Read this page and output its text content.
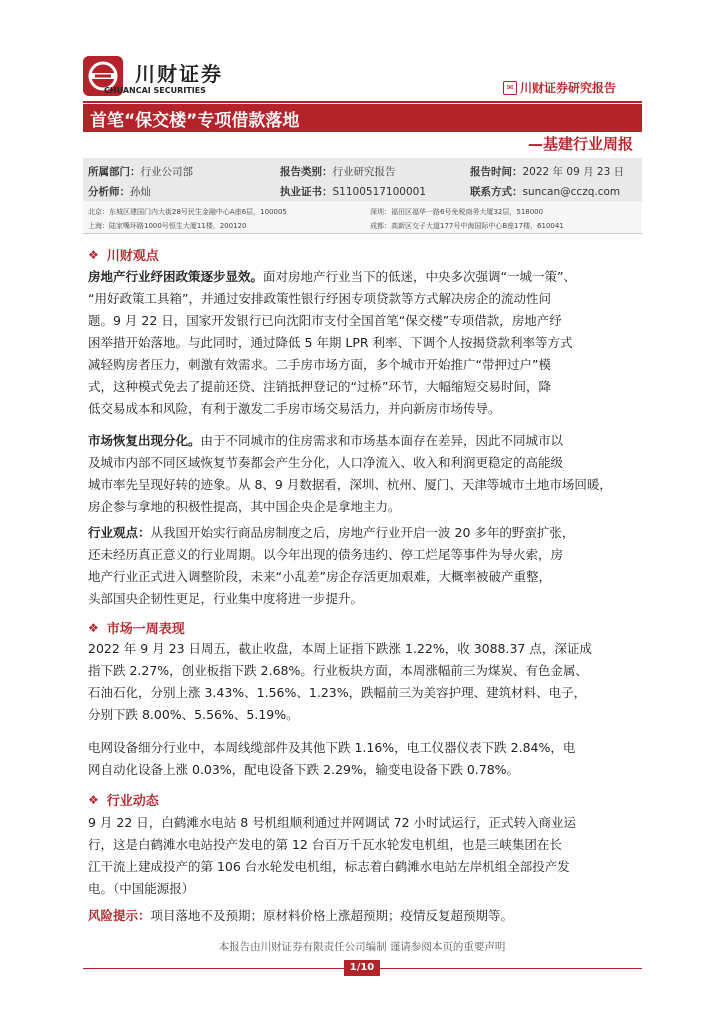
川财证券
CHUANCAI SECURITIES	✉ 川财证券研究报告
首笔“保交楼”专项借款落地
—基建行业周报
所属部门：行业公司部	报告类别：行业研究报告	报告时间：2022 年 09 月 23 日
分析师：孙灿	执业证书：S1100517100001	联系方式：suncan@cczq.com
北京：东城区建国门内大街28号民生金融中心A座6层，100005	深圳：福田区福华一路6号免税商务大厦32层，518000
上海：陆家嘴环路1000号恒生大厦11楼，200120	成都：高新区交子大道177号中海国际中心B座17楼，610041
❖ 川财观点
房地产行业纾困政策逐步显效。面对房地产行业当下的低迷，中央多次强调“一城一策”、
“用好政策工具箱”，并通过安排政策性银行纾困专项贷款等方式解决房企的流动性问
题。9 月 22 日，国家开发银行已向沈阳市支付全国首笔“保交楼”专项借款，房地产纾
困举措开始落地。与此同时，通过降低 5 年期 LPR 利率、下调个人按揭贷款利率等方式
减轻购房者压力，刺激有效需求。二手房市场方面，多个城市开始推广“带押过户”模
式，这种模式免去了提前还贷、注销抵押登记的“过桥”环节，大幅缩短交易时间，降
低交易成本和风险，有利于激发二手房市场交易活力，并向新房市场传导。
市场恢复出现分化。由于不同城市的住房需求和市场基本面存在差异，因此不同城市以
及城市内部不同区域恢复节奏都会产生分化，人口净流入、收入和利润更稳定的高能级
城市率先呈现好转的迹象。从 8、9 月数据看，深圳、杭州、厦门、天津等城市土地市场回暖，
房企参与拿地的积极性提高，其中国企央企是拿地主力。
行业观点：从我国开始实行商品房制度之后，房地产行业开启一波 20 多年的野蛮扩张，
还未经历真正意义的行业周期。以今年出现的债务违约、停工烂尾等事件为导火索，房
地产行业正式进入调整阶段，未来“小乱差”房企存活更加艰难，大概率被破产重整，
头部国央企韧性更足，行业集中度将进一步提升。
❖ 市场一周表现
2022 年 9 月 23 日周五，截止收盘，本周上证指下跌涨 1.22%，收 3088.37 点，深证成
指下跌 2.27%，创业板指下跌 2.68%。行业板块方面，本周涨幅前三为煤炭、有色金属、
石油石化，分别上涨 3.43%、1.56%、1.23%，跌幅前三为美容护理、建筑材料、电子，
分别下跌 8.00%、5.56%、5.19%。
电网设备细分行业中，本周线缆部件及其他下跌 1.16%，电工仪器仪表下跌 2.84%，电
网自动化设备上涨 0.03%，配电设备下跌 2.29%，输变电设备下跌 0.78%。
❖ 行业动态
9 月 22 日，白鹤滩水电站 8 号机组顺利通过并网调试 72 小时试运行，正式转入商业运
行，这是白鹤滩水电站投产发电的第 12 台百万千瓦水轮发电机组，也是三峡集团在长
江干流上建成投产的第 106 台水轮发电机组，标志着白鹤滩水电站左岸机组全部投产发
电。（中国能源报）
风险提示：项目落地不及预期；原材料价格上涨超预期；疫情反复超预期等。
本报告由川财证券有限责任公司编制 谨请参阅本页的重要声明
1/10
